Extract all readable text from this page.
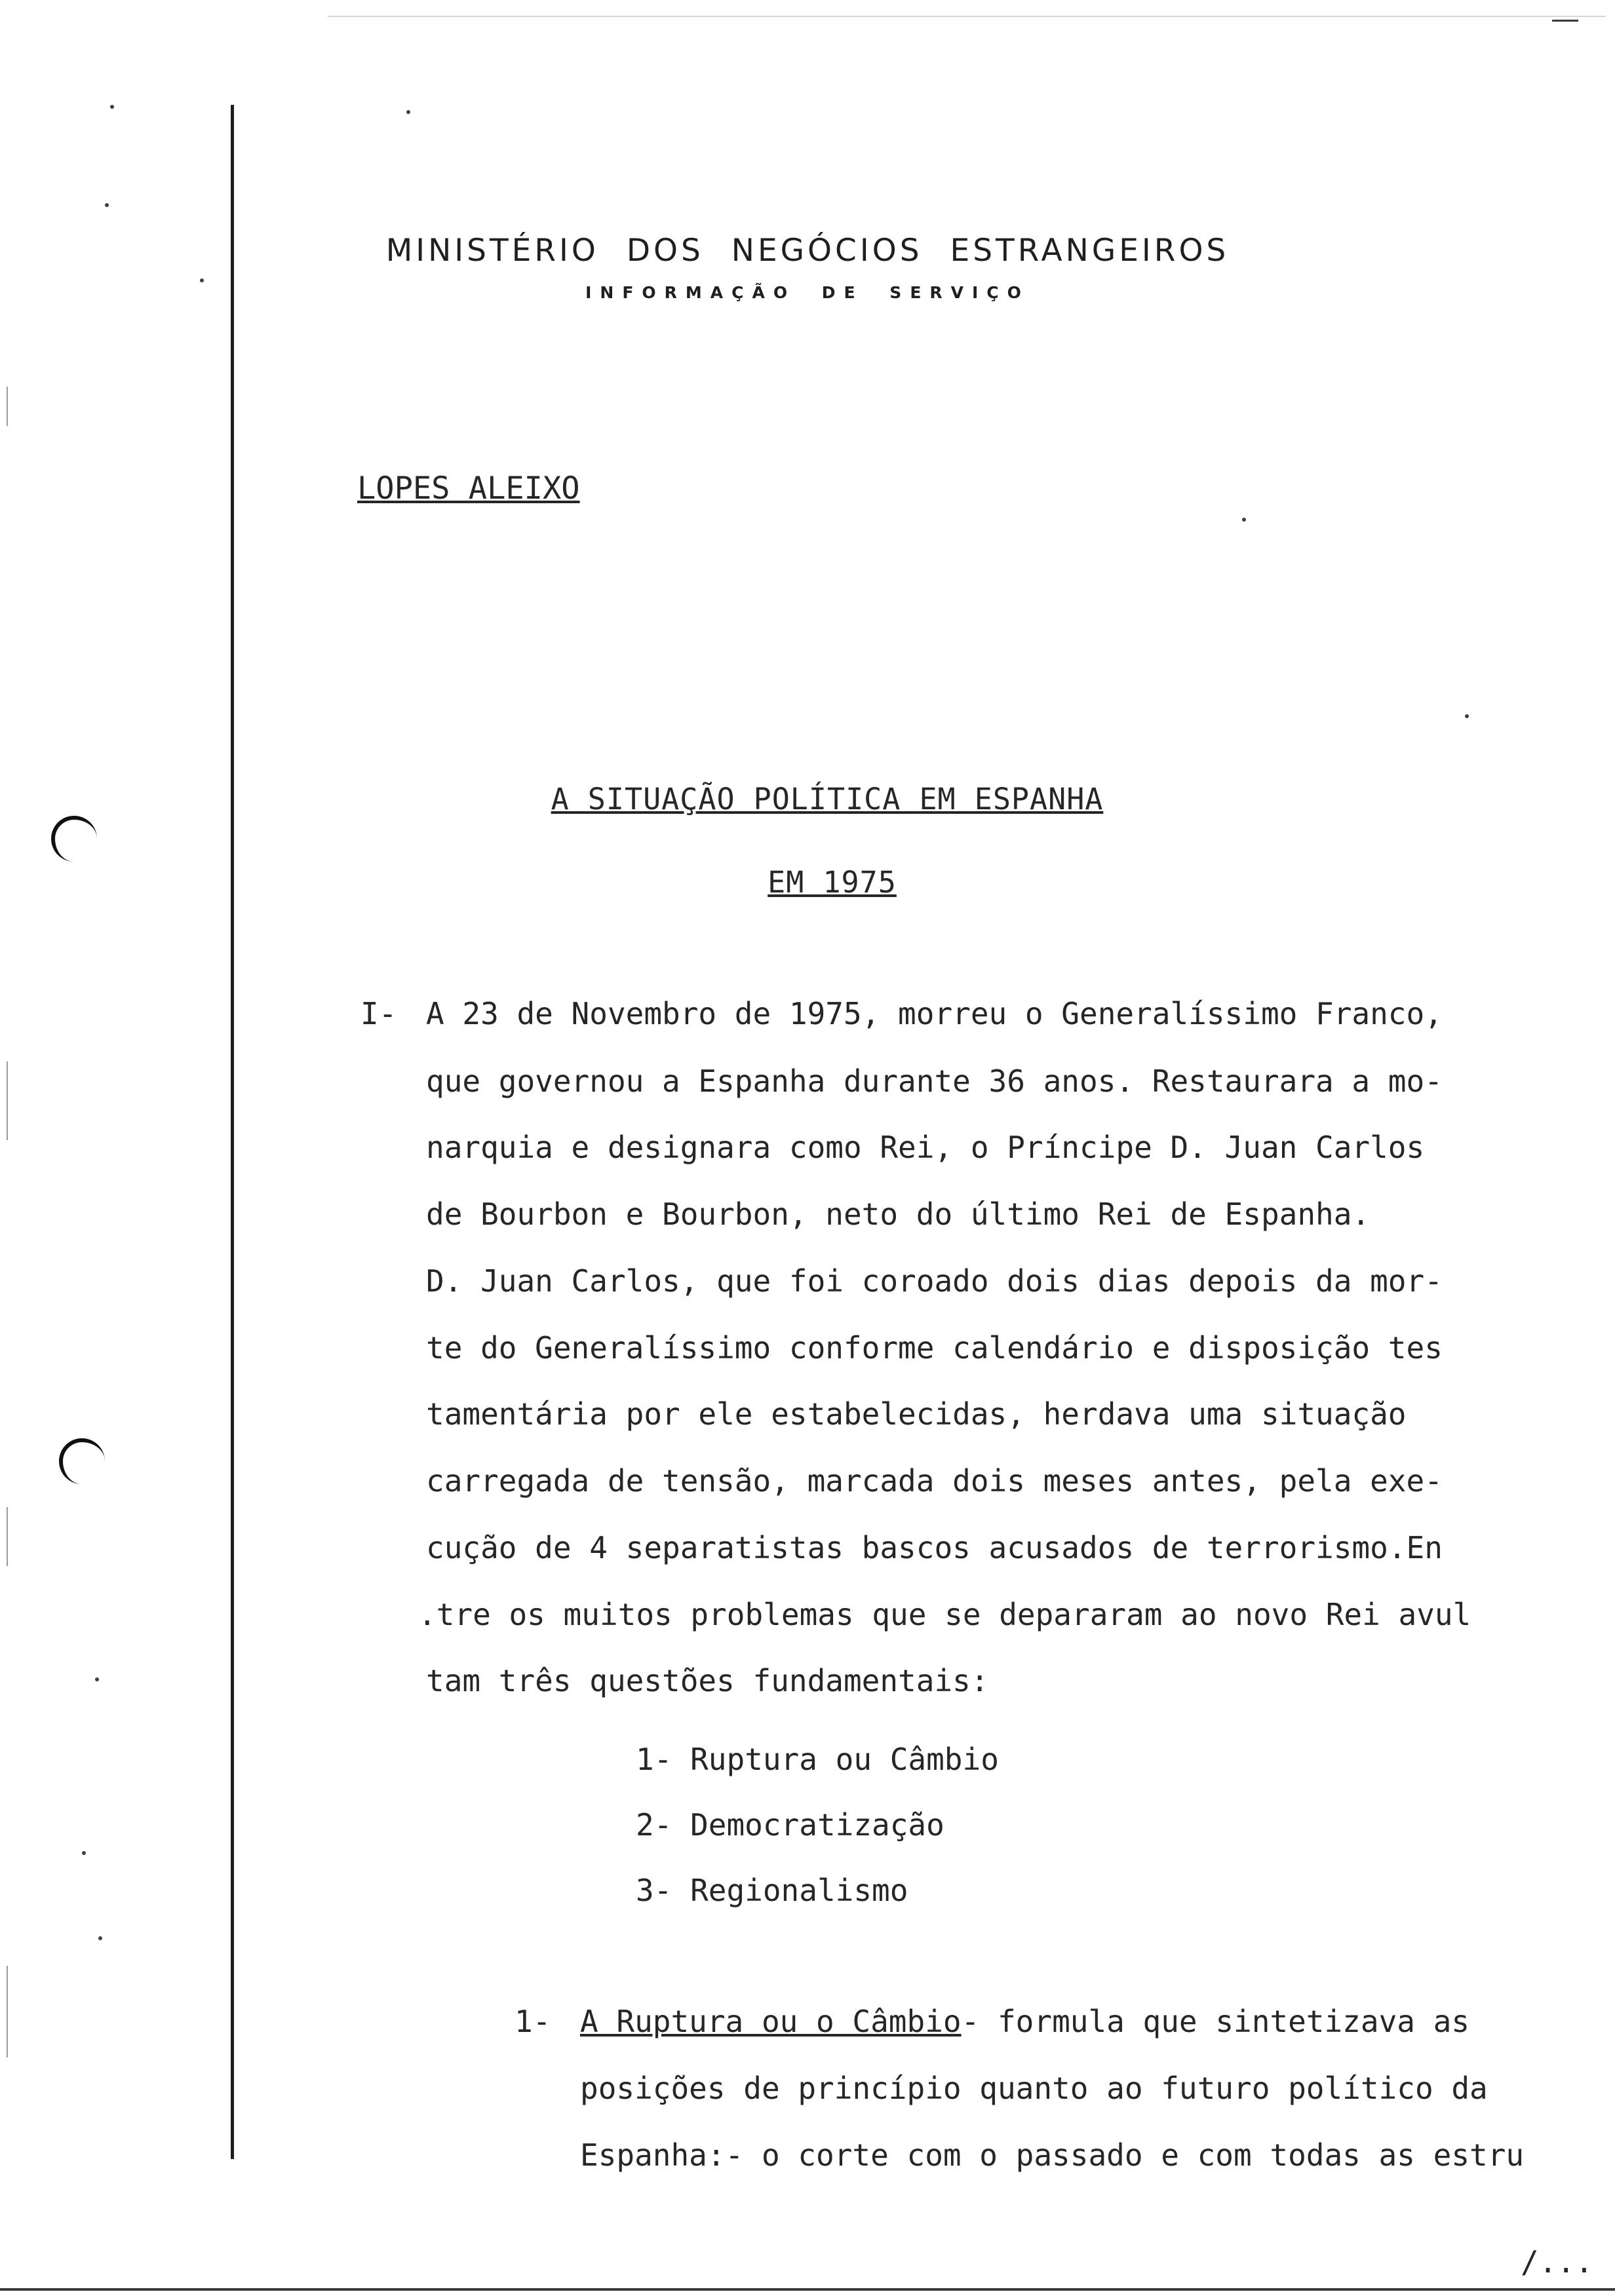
MINISTÉRIO DOS NEGÓCIOS ESTRANGEIROS
INFORMAÇÃO DE SERVIÇO
LOPES ALEIXO
A SITUAÇÃO POLÍTICA EM ESPANHA
EM 1975
I- A 23 de Novembro de 1975, morreu o Generalíssimo Franco,
que governou a Espanha durante 36 anos. Restaurara a mo-
narquia e designara como Rei, o Príncipe D. Juan Carlos
de Bourbon e Bourbon, neto do último Rei de Espanha.
D. Juan Carlos, que foi coroado dois dias depois da mor-
te do Generalíssimo conforme calendário e disposição tes
tamentária por ele estabelecidas, herdava uma situação
carregada de tensão, marcada dois meses antes, pela exe-
cução de 4 separatistas bascos acusados de terrorismo.En
.tre os muitos problemas que se depararam ao novo Rei avul
tam três questões fundamentais:
1- Ruptura ou Câmbio
2- Democratização
3- Regionalismo
1- A Ruptura ou o Câmbio- formula que sintetizava as
posições de princípio quanto ao futuro político da
Espanha:- o corte com o passado e com todas as estru
/...
